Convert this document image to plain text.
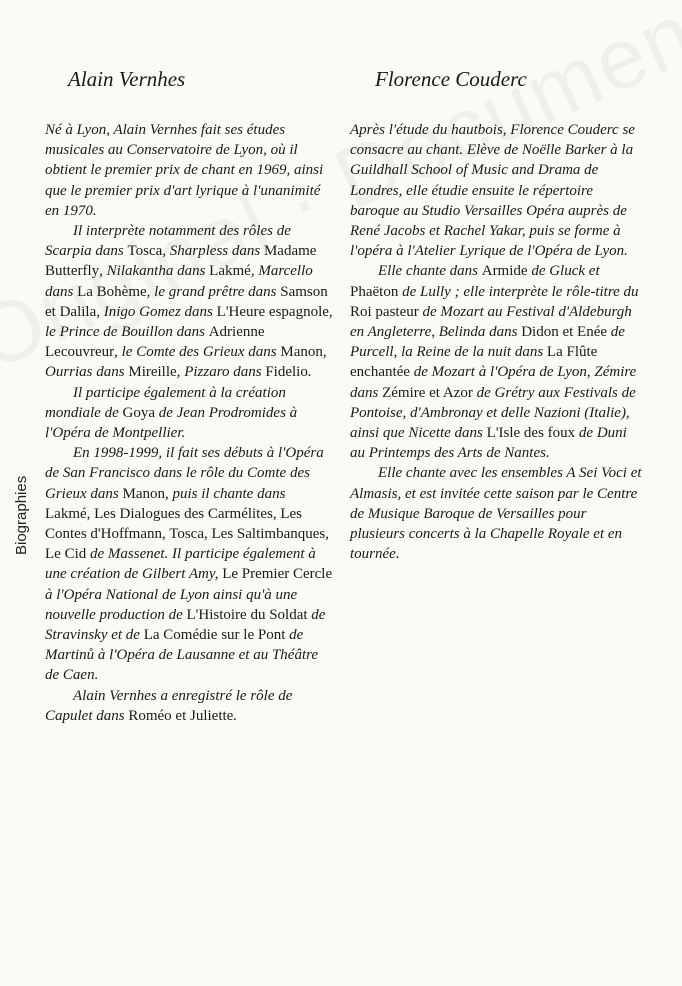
Biographies
Alain Vernhes

Né à Lyon, Alain Vernhes fait ses études musicales au Conservatoire de Lyon, où il obtient le premier prix de chant en 1969, ainsi que le premier prix d'art lyrique à l'unanimité en 1970.

Il interprète notamment des rôles de Scarpia dans Tosca, Sharpless dans Madame Butterfly, Nilakantha dans Lakmé, Marcello dans La Bohème, le grand prêtre dans Samson et Dalila, Inigo Gomez dans L'Heure espagnole, le Prince de Bouillon dans Adrienne Lecouvreur, le Comte des Grieux dans Manon, Ourrias dans Mireille, Pizzaro dans Fidelio.

Il participe également à la création mondiale de Goya de Jean Prodromides à l'Opéra de Montpellier.

En 1998-1999, il fait ses débuts à l'Opéra de San Francisco dans le rôle du Comte des Grieux dans Manon, puis il chante dans Lakmé, Les Dialogues des Carmélites, Les Contes d'Hoffmann, Tosca, Les Saltimbanques, Le Cid de Massenet. Il participe également à une création de Gilbert Amy, Le Premier Cercle à l'Opéra National de Lyon ainsi qu'à une nouvelle production de L'Histoire du Soldat de Stravinsky et de La Comédie sur le Pont de Martinů à l'Opéra de Lausanne et au Théâtre de Caen.

Alain Vernhes a enregistré le rôle de Capulet dans Roméo et Juliette.

Florence Couderc

Après l'étude du hautbois, Florence Couderc se consacre au chant. Elève de Noëlle Barker à la Guildhall School of Music and Drama de Londres, elle étudie ensuite le répertoire baroque au Studio Versailles Opéra auprès de René Jacobs et Rachel Yakar, puis se forme à l'opéra à l'Atelier Lyrique de l'Opéra de Lyon.

Elle chante dans Armide de Gluck et Phaëton de Lully ; elle interprète le rôle-titre du Roi pasteur de Mozart au Festival d'Aldeburgh en Angleterre, Belinda dans Didon et Enée de Purcell, la Reine de la nuit dans La Flûte enchantée de Mozart à l'Opéra de Lyon, Zémire dans Zémire et Azor de Grétry aux Festivals de Pontoise, d'Ambronay et delle Nazioni (Italie), ainsi que Nicette dans L'Isle des foux de Duni au Printemps des Arts de Nantes.

Elle chante avec les ensembles A Sei Voci et Almasis, et est invitée cette saison par le Centre de Musique Baroque de Versailles pour plusieurs concerts à la Chapelle Royale et en tournée.
